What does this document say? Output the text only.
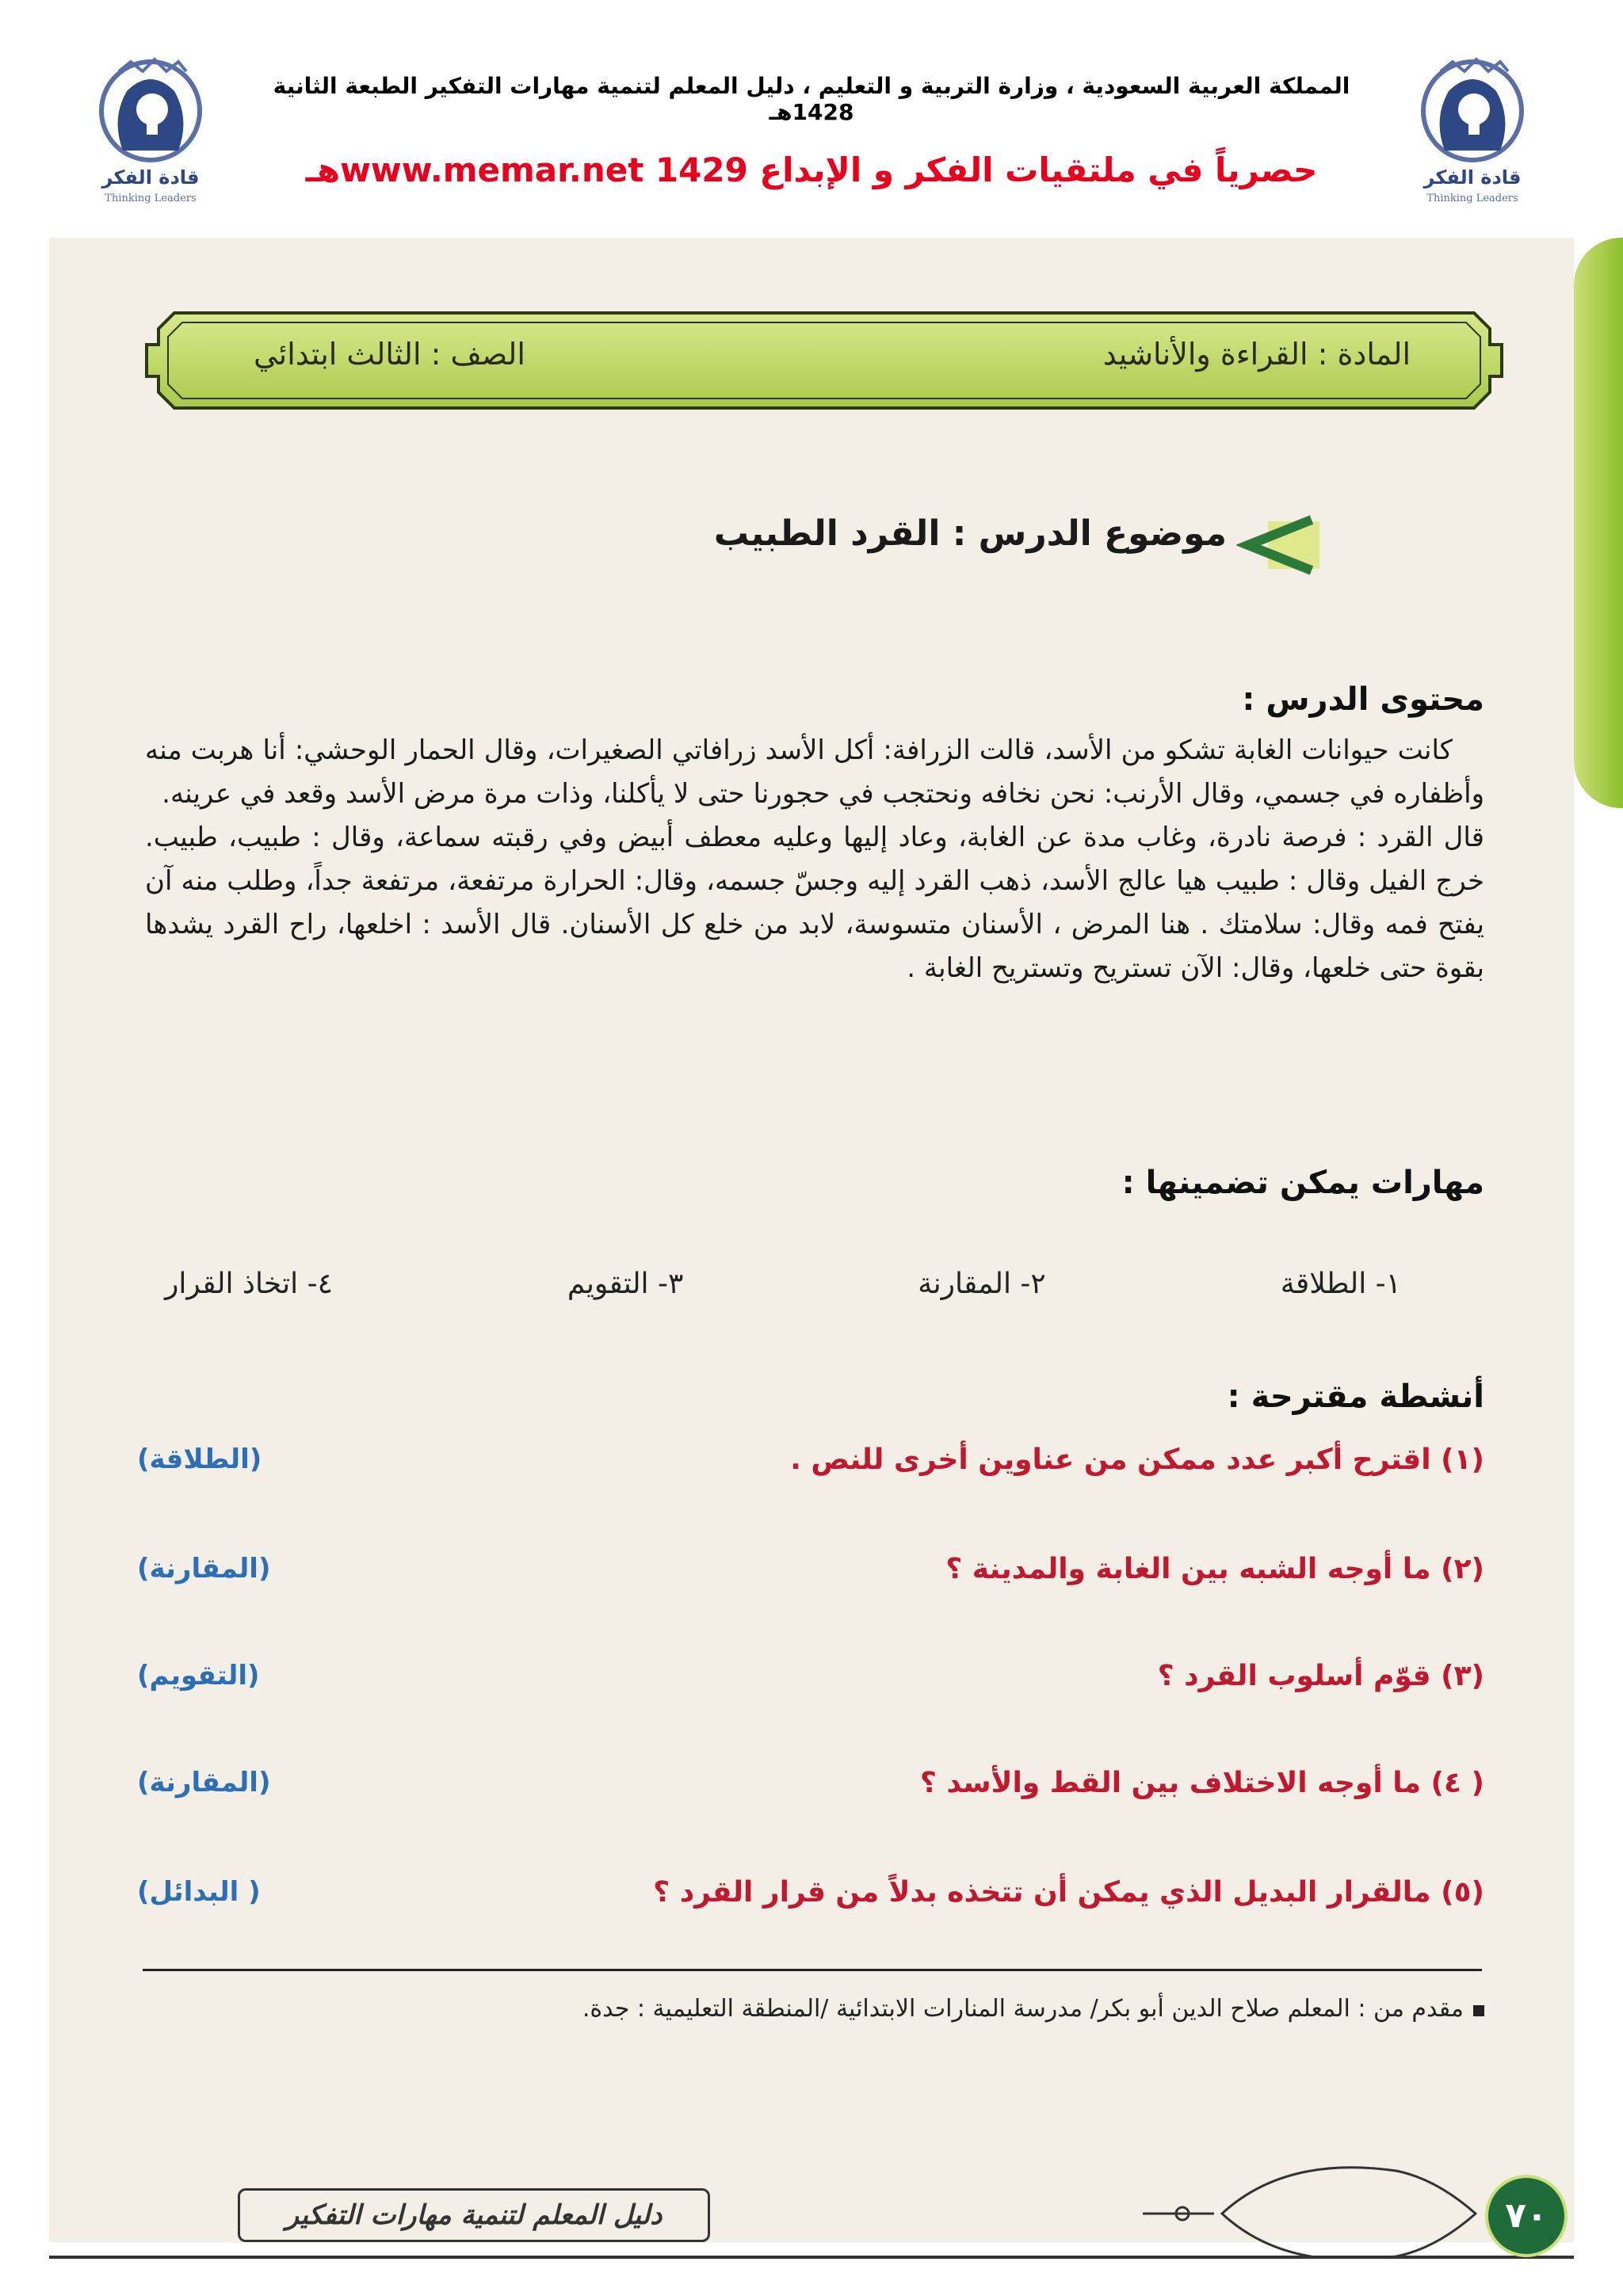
قادة الفكر
Thinking Leaders
قادة الفكر
Thinking Leaders
المملكة العربية السعودية ، وزارة التربية و التعليم ، دليل المعلم لتنمية مهارات التفكير الطبعة الثانية 1428هـ
حصرياً في ملتقيات الفكر و الإبداع www.memar.net 1429هـ
المادة : القراءة والأناشيد
الصف : الثالث ابتدائي
موضوع الدرس : القرد الطبيب
محتوى الدرس :

كانت حيوانات الغابة تشكو من الأسد، قالت الزرافة: أكل الأسد زرافاتي الصغيرات، وقال الحمار الوحشي: أنا هربت منه وأظفاره في جسمي، وقال الأرنب: نحن نخافه ونحتجب في حجورنا حتى لا يأكلنا، وذات مرة مرض الأسد وقعد في عرينه.

قال القرد : فرصة نادرة، وغاب مدة عن الغابة، وعاد إليها وعليه معطف أبيض وفي رقبته سماعة، وقال : طبيب، طبيب. خرج الفيل وقال : طبيب هيا عالج الأسد، ذهب القرد إليه وجسّ جسمه، وقال: الحرارة مرتفعة، مرتفعة جداً، وطلب منه آن يفتح فمه وقال: سلامتك . هنا المرض ، الأسنان متسوسة، لابد من خلع كل الأسنان. قال الأسد : اخلعها، راح القرد يشدها بقوة حتى خلعها، وقال: الآن تستريح وتستريح الغابة .

مهارات يمكن تضمينها :
١- الطلاقة
٢- المقارنة
٣- التقويم
٤- اتخاذ القرار
أنشطة مقترحة :
(١) اقترح أكبر عدد ممكن من عناوين أخرى للنص .
(الطلاقة)
(٢) ما أوجه الشبه بين الغابة والمدينة ؟
(المقارنة)
(٣) قوّم أسلوب القرد ؟
(التقويم)
( ٤) ما أوجه الاختلاف بين القط والأسد ؟
(المقارنة)
(٥) مالقرار البديل الذي يمكن أن تتخذه بدلاً من قرار القرد ؟
( البدائل)
مقدم من : المعلم صلاح الدين أبو بكر/ مدرسة المنارات الابتدائية /المنطقة التعليمية : جدة.
دليل المعلم لتنمية مهارات التفكير	٧٠
